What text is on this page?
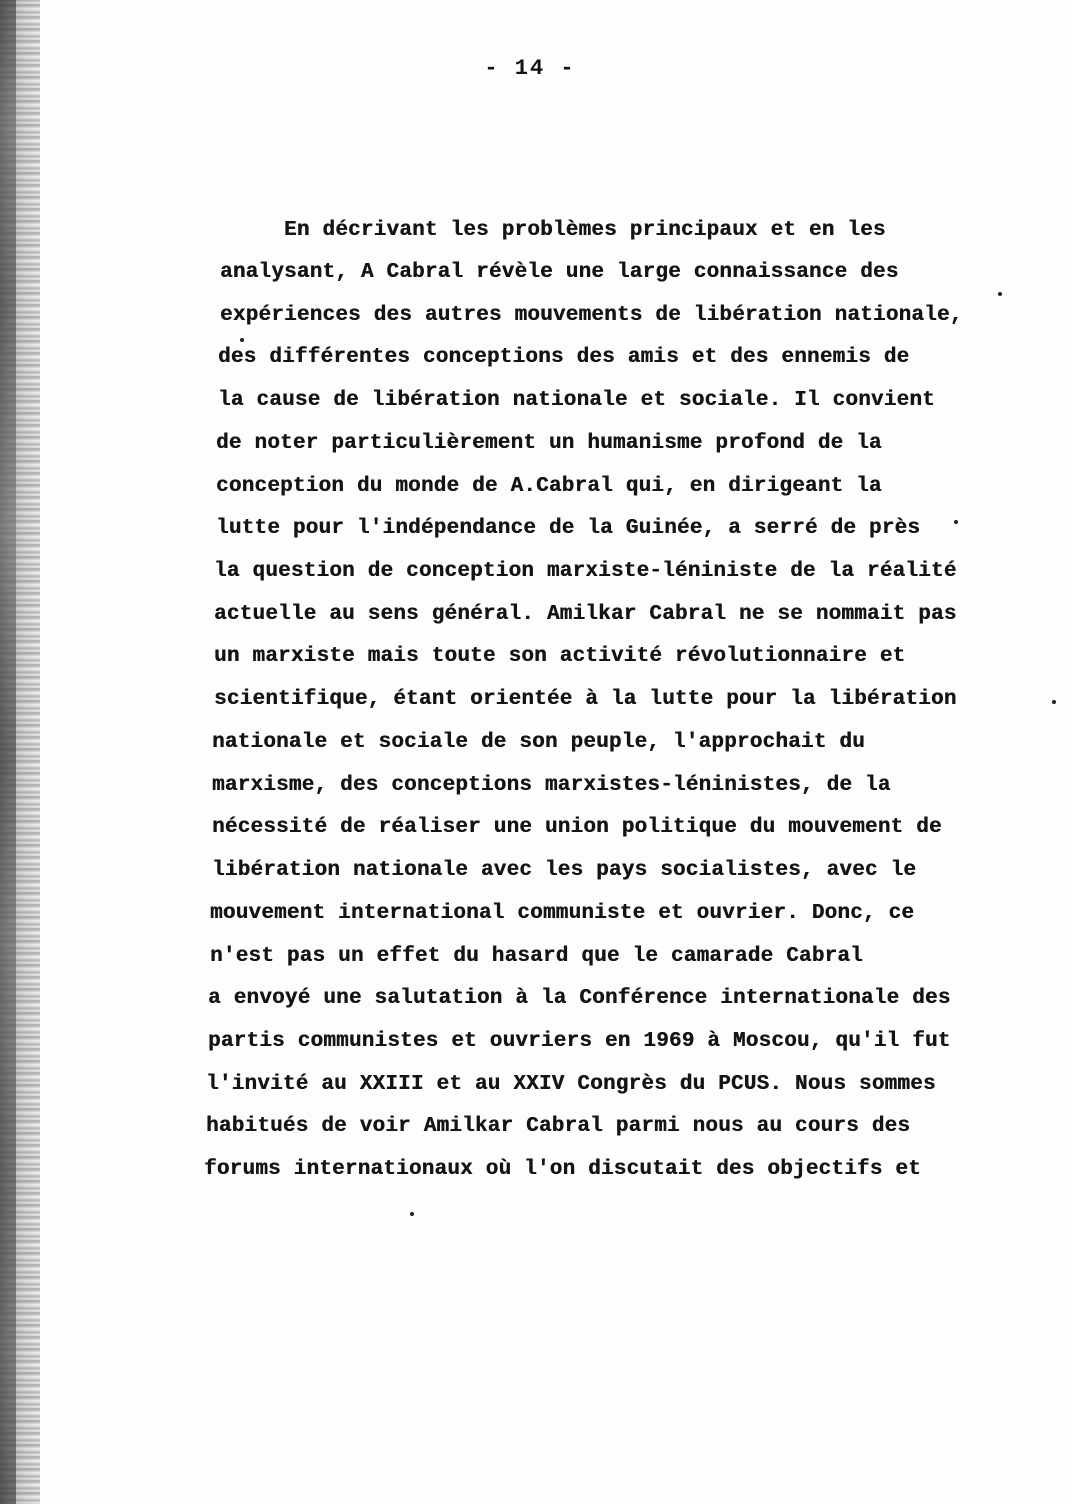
- 14 -
En décrivant les problèmes principaux et en les
analysant, A Cabral révèle une large connaissance des
expériences des autres mouvements de libération nationale,
des différentes conceptions des amis et des ennemis de
la cause de libération nationale et sociale. Il convient
de noter particulièrement un humanisme profond de la
conception du monde de A.Cabral qui, en dirigeant la
lutte pour l'indépendance de la Guinée, a serré de près
la question de conception marxiste-léniniste de la réalité
actuelle au sens général. Amilkar Cabral ne se nommait pas
un marxiste mais toute son activité révolutionnaire et
scientifique, étant orientée à la lutte pour la libération
nationale et sociale de son peuple, l'approchait du
marxisme, des conceptions marxistes-léninistes, de la
nécessité de réaliser une union politique du mouvement de
libération nationale avec les pays socialistes, avec le
mouvement international communiste et ouvrier. Donc, ce
n'est pas un effet du hasard que le camarade Cabral
a envoyé une salutation à la Conférence internationale des
partis communistes et ouvriers en 1969 à Moscou, qu'il fut
l'invité au XXIII et au XXIV Congrès du PCUS. Nous sommes
habitués de voir Amilkar Cabral parmi nous au cours des
forums internationaux où l'on discutait des objectifs et
